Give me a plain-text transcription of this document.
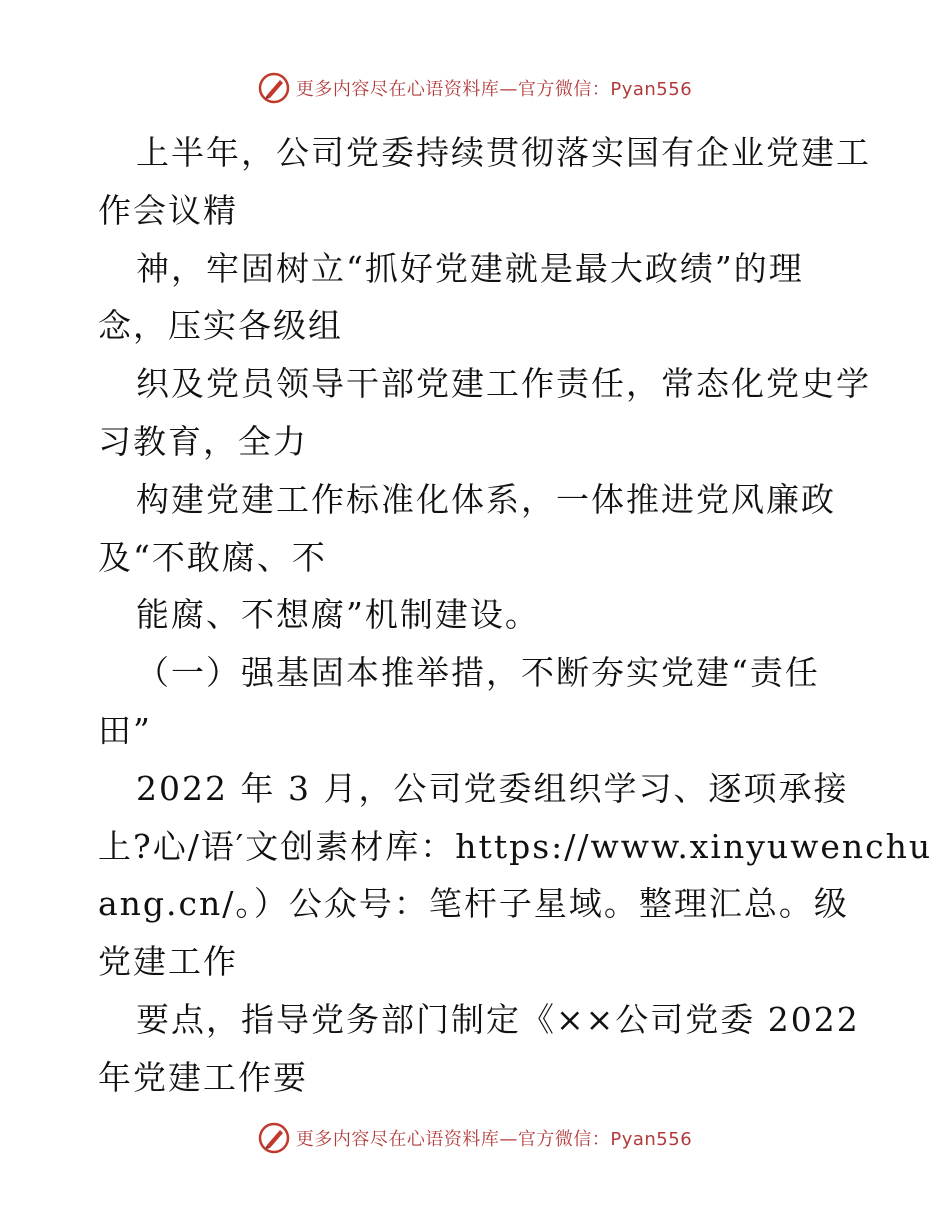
更多内容尽在心语资料库—官方微信：Pyan556
上半年，公司党委持续贯彻落实国有企业党建工
作会议精
神，牢固树立“抓好党建就是最大政绩”的理
念，压实各级组
织及党员领导干部党建工作责任，常态化党史学
习教育，全力
构建党建工作标准化体系，一体推进党风廉政
及“不敢腐、不
能腐、不想腐”机制建设。
（一）强基固本推举措，不断夯实党建“责任
田”
2022 年 3 月，公司党委组织学习、逐项承接
上?心/语′文创素材库：https://www.xinyuwenchu
ang.cn/。）公众号：笔杆子星域。整理汇总。级
党建工作
要点，指导党务部门制定《××公司党委 2022
年党建工作要
更多内容尽在心语资料库—官方微信：Pyan556
